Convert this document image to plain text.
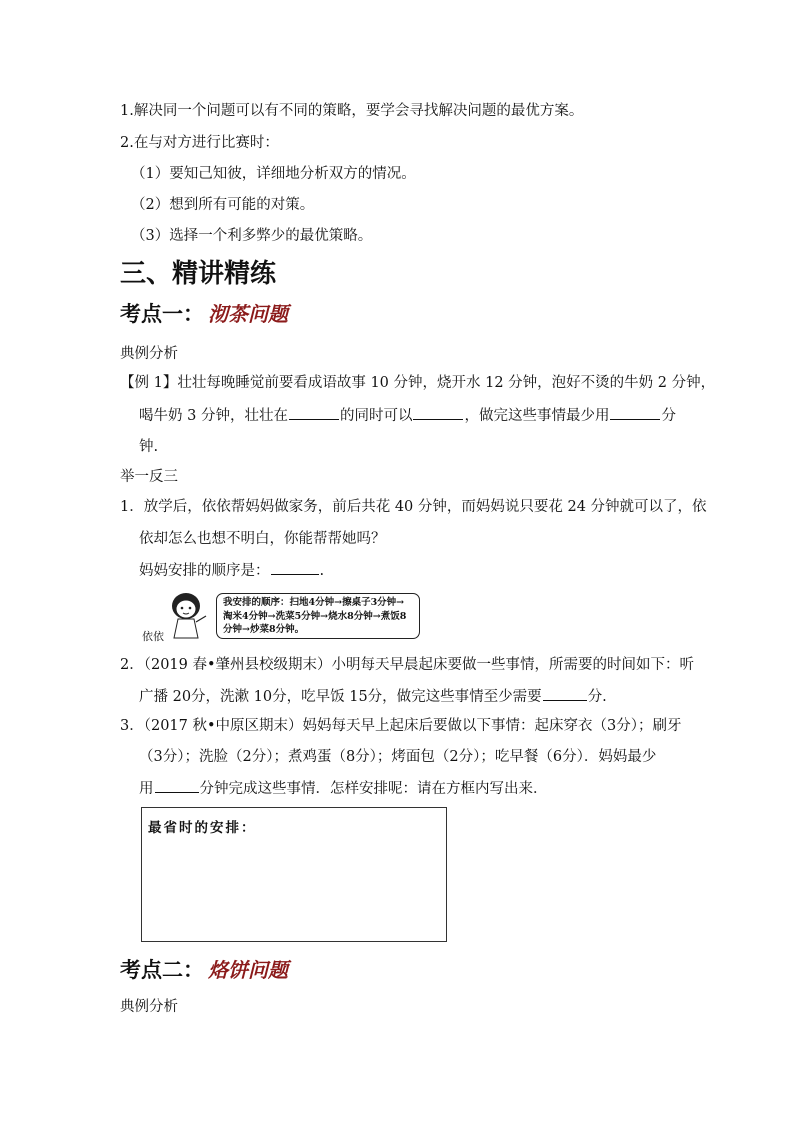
1.解决同一个问题可以有不同的策略，要学会寻找解决问题的最优方案。
2.在与对方进行比赛时：
（1）要知己知彼，详细地分析双方的情况。
（2）想到所有可能的对策。
（3）选择一个利多弊少的最优策略。
三、精讲精练
考点一： 沏茶问题
典例分析
【例 1】壮壮每晚睡觉前要看成语故事 10 分钟，烧开水 12 分钟，泡好不烫的牛奶 2 分钟，
喝牛奶 3 分钟，壮壮在	的同时可以	，做完这些事情最少用	分
钟.
举一反三
1．放学后，依依帮妈妈做家务，前后共花 40 分钟，而妈妈说只要花 24 分钟就可以了，依
依却怎么也想不明白，你能帮帮她吗？
妈妈安排的顺序是：	.
依依
我安排的顺序：扫地4分钟→擦桌子3分钟→淘米4分钟→洗菜5分钟→烧水8分钟→煮饭8分钟→炒菜8分钟。
2．（2019 春•肇州县校级期末）小明每天早晨起床要做一些事情，所需要的时间如下：听
广播 20分，洗漱 10分，吃早饭 15分，做完这些事情至少需要	分.
3．（2017 秋•中原区期末）妈妈每天早上起床后要做以下事情：起床穿衣（3分）；刷牙
（3分）；洗脸（2分）；煮鸡蛋（8分）；烤面包（2分）；吃早餐（6分）．妈妈最少
用	分钟完成这些事情．怎样安排呢：请在方框内写出来．
最省时的安排：
考点二： 烙饼问题
典例分析
